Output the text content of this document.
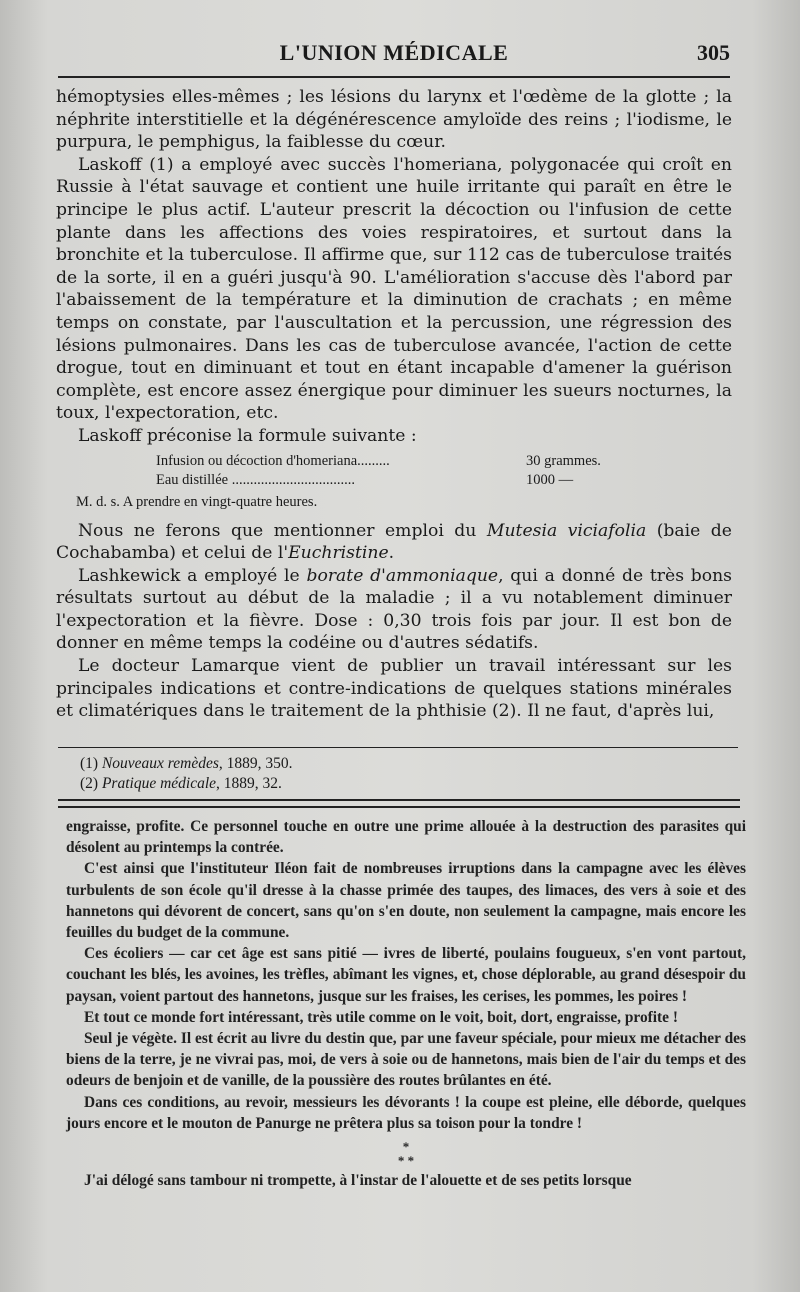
L'UNION MÉDICALE	305

hémoptysies elles-mêmes ; les lésions du larynx et l'œdème de la glotte ; la néphrite interstitielle et la dégénérescence amyloïde des reins ; l'iodisme, le purpura, le pemphigus, la faiblesse du cœur.

Laskoff (1) a employé avec succès l'homeriana, polygonacée qui croît en Russie à l'état sauvage et contient une huile irritante qui paraît en être le principe le plus actif. L'auteur prescrit la décoction ou l'infusion de cette plante dans les affections des voies respiratoires, et surtout dans la bronchite et la tuberculose. Il affirme que, sur 112 cas de tuberculose traités de la sorte, il en a guéri jusqu'à 90. L'amélioration s'accuse dès l'abord par l'abaissement de la température et la diminution de crachats ; en même temps on constate, par l'auscultation et la percussion, une régression des lésions pulmonaires. Dans les cas de tuberculose avancée, l'action de cette drogue, tout en diminuant et tout en étant incapable d'amener la guérison complète, est encore assez énergique pour diminuer les sueurs nocturnes, la toux, l'expectoration, etc.

Laskoff préconise la formule suivante :

Infusion ou décoction d'homeriana.........	30 grammes.
Eau distillée ..................................	1000 —
M. d. s. A prendre en vingt-quatre heures.

Nous ne ferons que mentionner emploi du Mutesia viciafolia (baie de Cochabamba) et celui de l'Euchristine.

Lashkewick a employé le borate d'ammoniaque, qui a donné de très bons résultats surtout au début de la maladie ; il a vu notablement diminuer l'expectoration et la fièvre. Dose : 0,30 trois fois par jour. Il est bon de donner en même temps la codéine ou d'autres sédatifs.

Le docteur Lamarque vient de publier un travail intéressant sur les principales indications et contre-indications de quelques stations minérales et climatériques dans le traitement de la phthisie (2). Il ne faut, d'après lui,

(1) Nouveaux remèdes, 1889, 350.
(2) Pratique médicale, 1889, 32.

engraisse, profite. Ce personnel touche en outre une prime allouée à la destruction des parasites qui désolent au printemps la contrée.

C'est ainsi que l'instituteur Iléon fait de nombreuses irruptions dans la campagne avec les élèves turbulents de son école qu'il dresse à la chasse primée des taupes, des limaces, des vers à soie et des hannetons qui dévorent de concert, sans qu'on s'en doute, non seulement la campagne, mais encore les feuilles du budget de la commune.

Ces écoliers — car cet âge est sans pitié — ivres de liberté, poulains fougueux, s'en vont partout, couchant les blés, les avoines, les trèfles, abîmant les vignes, et, chose déplorable, au grand désespoir du paysan, voient partout des hannetons, jusque sur les fraises, les cerises, les pommes, les poires !

Et tout ce monde fort intéressant, très utile comme on le voit, boit, dort, engraisse, profite !

Seul je végète. Il est écrit au livre du destin que, par une faveur spéciale, pour mieux me détacher des biens de la terre, je ne vivrai pas, moi, de vers à soie ou de hannetons, mais bien de l'air du temps et des odeurs de benjoin et de vanille, de la poussière des routes brûlantes en été.

Dans ces conditions, au revoir, messieurs les dévorants ! la coupe est pleine, elle déborde, quelques jours encore et le mouton de Panurge ne prêtera plus sa toison pour la tondre !

*
* *

J'ai délogé sans tambour ni trompette, à l'instar de l'alouette et de ses petits lorsque
